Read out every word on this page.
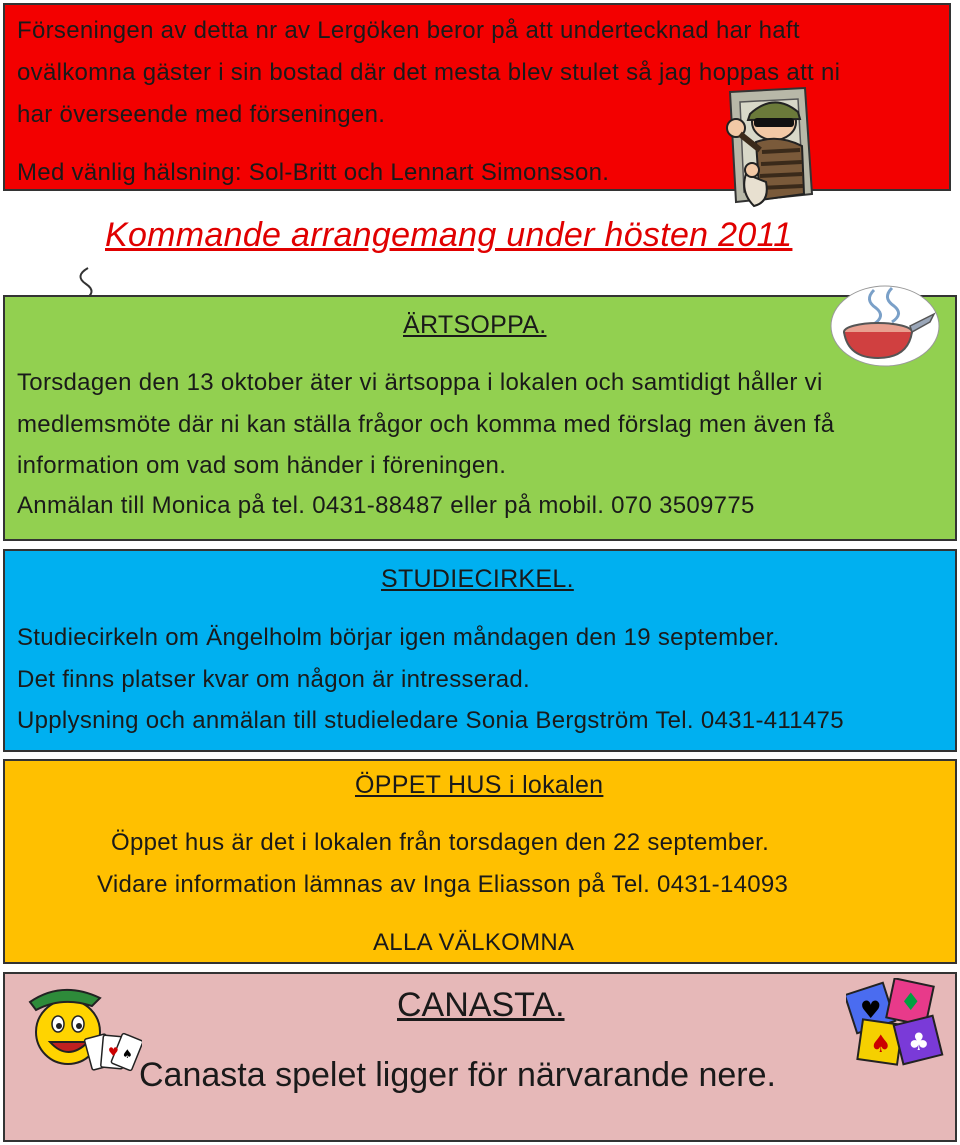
Förseningen av detta nr av Lergöken beror på att undertecknad har haft
ovälkomna gäster i sin bostad där det mesta blev stulet så jag hoppas att ni
har överseende med förseningen.
Med vänlig hälsning: Sol-Britt och Lennart Simonsson.
Kommande arrangemang under hösten 2011
ÄRTSOPPA.
Torsdagen den 13 oktober äter vi ärtsoppa i lokalen och samtidigt håller vi
medlemsmöte där ni kan ställa frågor och komma med förslag men även få
information om vad som händer i föreningen.
Anmälan till Monica på tel. 0431-88487 eller på mobil. 070 3509775
STUDIECIRKEL.
Studiecirkeln om Ängelholm börjar igen måndagen den 19 september.
Det finns platser kvar om någon är intresserad.
Upplysning och anmälan till studieledare Sonia Bergström Tel. 0431-411475
ÖPPET HUS i lokalen
Öppet hus är det i lokalen från torsdagen den 22 september.
Vidare information lämnas av Inga Eliasson på Tel. 0431-14093
ALLA VÄLKOMNA
CANASTA.
Canasta spelet ligger för närvarande nere.
♥ ♠
♥ ♦
♠ ♣
